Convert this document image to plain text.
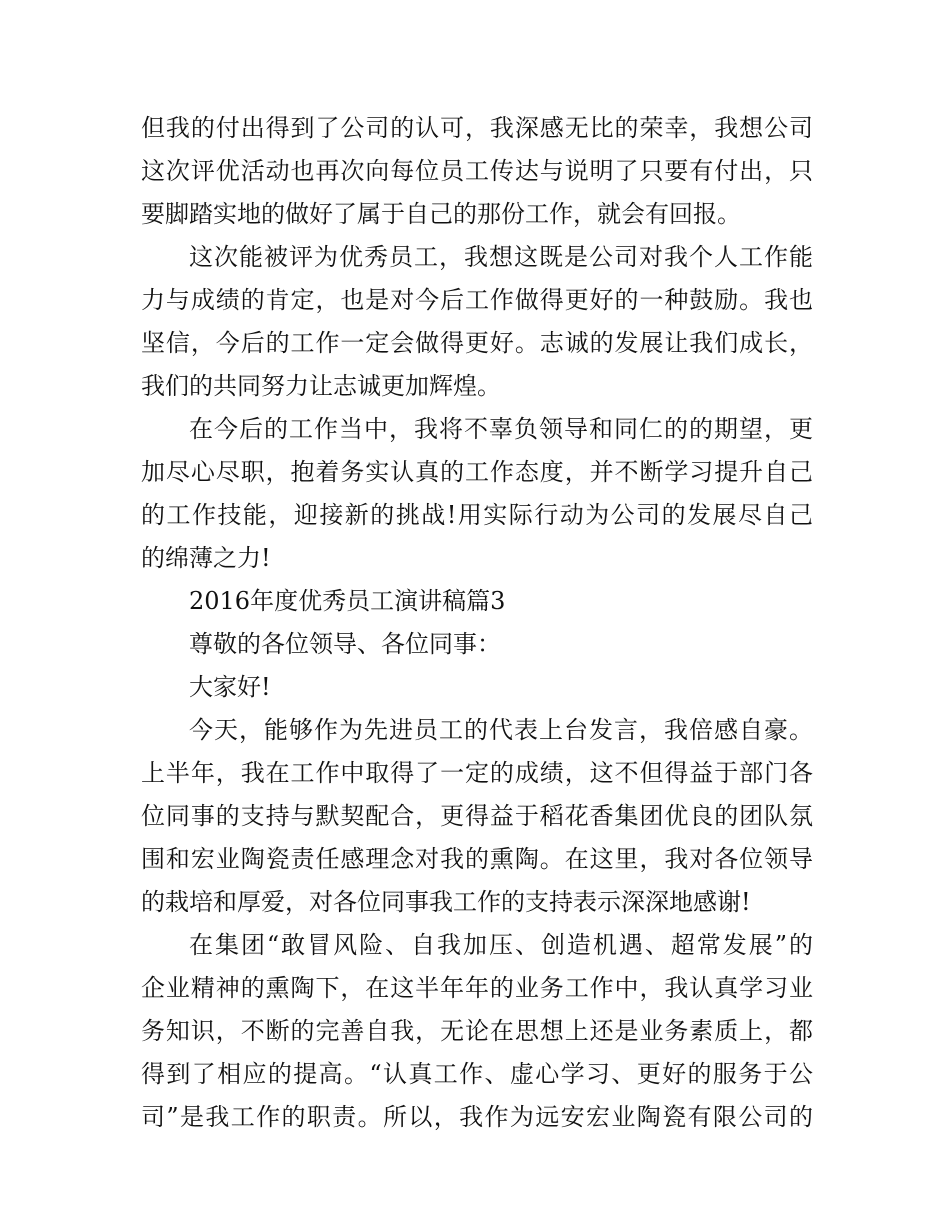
但我的付出得到了公司的认可，我深感无比的荣幸，我想公司
这次评优活动也再次向每位员工传达与说明了只要有付出，只
要脚踏实地的做好了属于自己的那份工作，就会有回报。
这次能被评为优秀员工，我想这既是公司对我个人工作能
力与成绩的肯定，也是对今后工作做得更好的一种鼓励。我也
坚信，今后的工作一定会做得更好。志诚的发展让我们成长，
我们的共同努力让志诚更加辉煌。
在今后的工作当中，我将不辜负领导和同仁的的期望，更
加尽心尽职，抱着务实认真的工作态度，并不断学习提升自己
的工作技能，迎接新的挑战!用实际行动为公司的发展尽自己
的绵薄之力!
2016年度优秀员工演讲稿篇3
尊敬的各位领导、各位同事：
大家好!
今天，能够作为先进员工的代表上台发言，我倍感自豪。
上半年，我在工作中取得了一定的成绩，这不但得益于部门各
位同事的支持与默契配合，更得益于稻花香集团优良的团队氛
围和宏业陶瓷责任感理念对我的熏陶。在这里，我对各位领导
的栽培和厚爱，对各位同事我工作的支持表示深深地感谢!
在集团“敢冒风险、自我加压、创造机遇、超常发展”的
企业精神的熏陶下，在这半年年的业务工作中，我认真学习业
务知识，不断的完善自我，无论在思想上还是业务素质上，都
得到了相应的提高。“认真工作、虚心学习、更好的服务于公
司”是我工作的职责。所以，我作为远安宏业陶瓷有限公司的
